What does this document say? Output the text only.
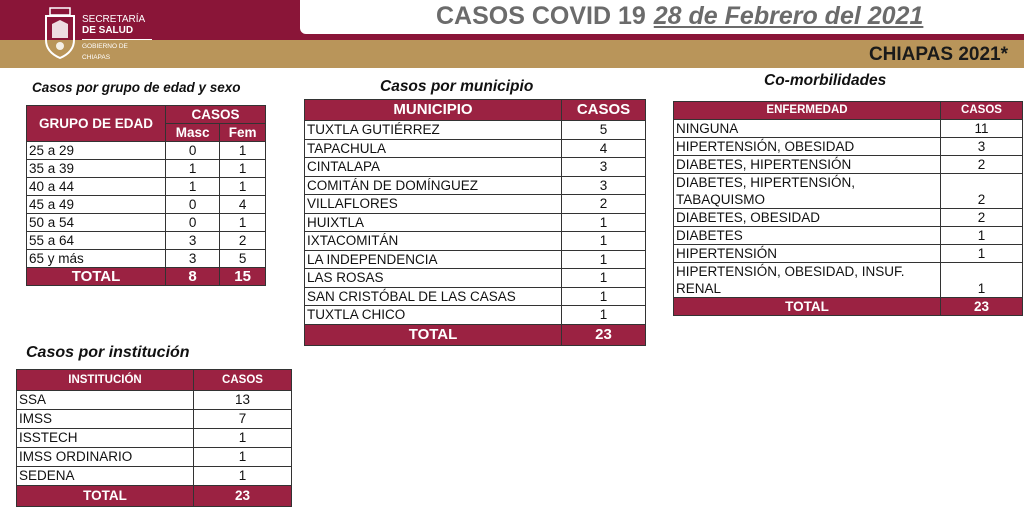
SECRETARÍA
DE SALUD
GOBIERNO DE CHIAPAS
CASOS COVID 19 28 de Febrero del 2021
CHIAPAS 2021*
Casos por grupo de edad y sexo
GRUPO DE EDAD	CASOS	
	Masc	Fem
25 a 29	0	1
35 a 39	1	1
40 a 44	1	1
45 a 49	0	4
50 a 54	0	1
55 a 64	3	2
65 y más	3	5
TOTAL	8	15
Casos por municipio
MUNICIPIO	CASOS
TUXTLA GUTIÉRREZ	5
TAPACHULA	4
CINTALAPA	3
COMITÁN DE DOMÍNGUEZ	3
VILLAFLORES	2
HUIXTLA	1
IXTACOMITÁN	1
LA INDEPENDENCIA	1
LAS ROSAS	1
SAN CRISTÓBAL DE LAS CASAS	1
TUXTLA CHICO	1
TOTAL	23
Co-morbilidades
ENFERMEDAD	CASOS
NINGUNA	11
HIPERTENSIÓN, OBESIDAD	3
DIABETES, HIPERTENSIÓN	2
DIABETES, HIPERTENSIÓN,
TABAQUISMO	2
DIABETES, OBESIDAD	2
DIABETES	1
HIPERTENSIÓN	1
HIPERTENSIÓN, OBESIDAD, INSUF.
RENAL	1
TOTAL	23
Casos por institución
INSTITUCIÓN	CASOS
SSA	13
IMSS	7
ISSTECH	1
IMSS ORDINARIO	1
SEDENA	1
TOTAL	23
